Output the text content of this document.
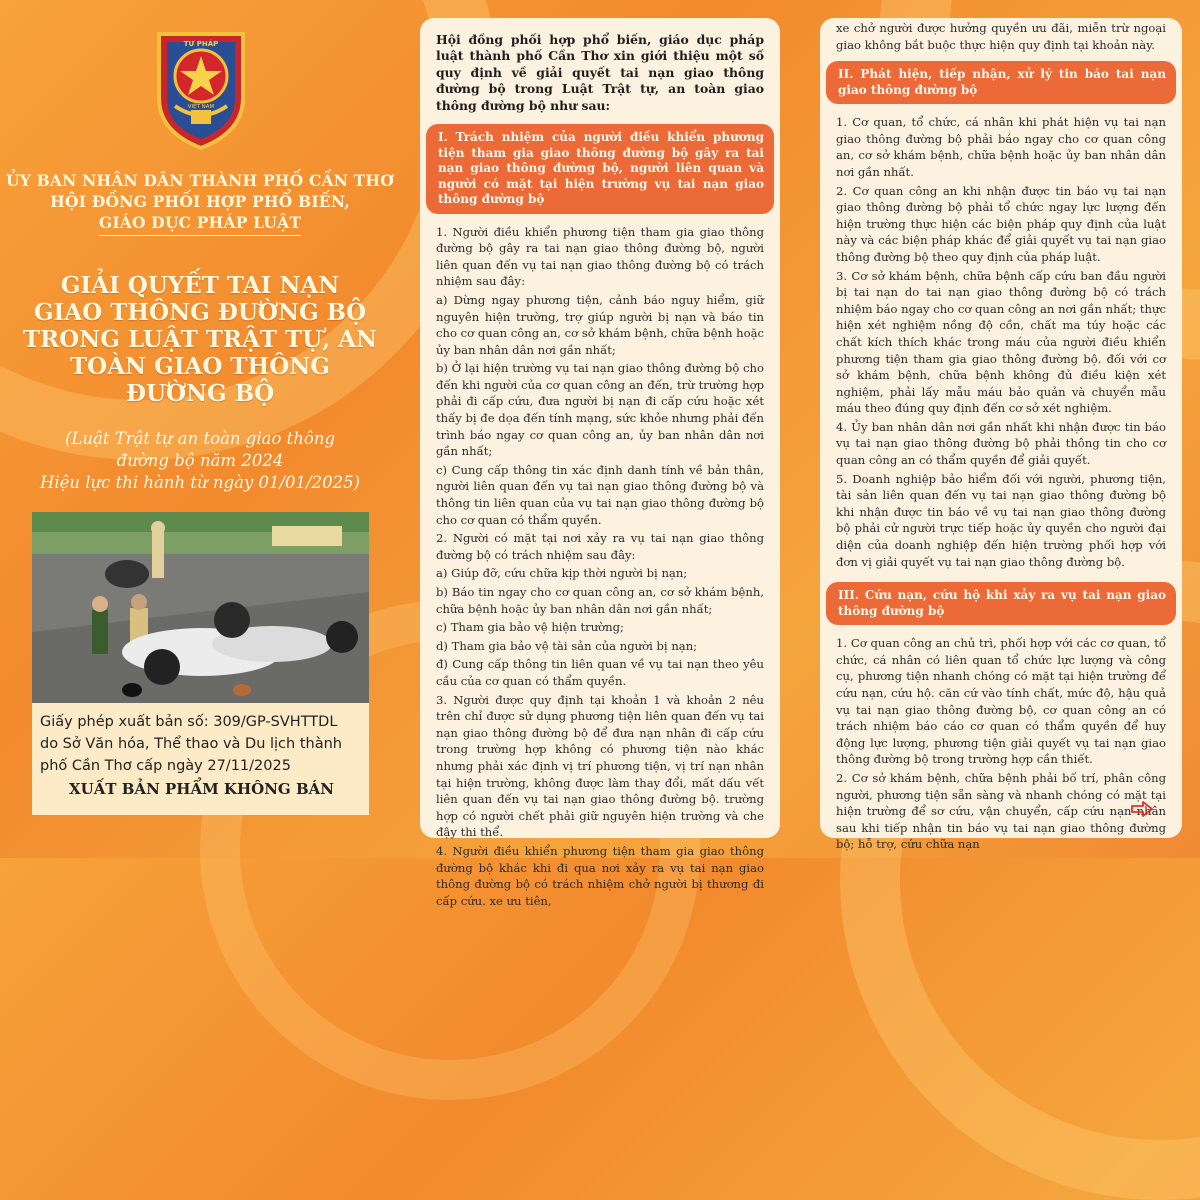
TƯ PHÁP
VIỆT NAM
ỦY BAN NHÂN DÂN THÀNH PHỐ CẦN THƠ
HỘI ĐỒNG PHỐI HỢP PHỔ BIẾN,
GIÁO DỤC PHÁP LUẬT
GIẢI QUYẾT TAI NẠN
GIAO THÔNG ĐƯỜNG BỘ
TRONG LUẬT TRẬT TỰ, AN
TOÀN GIAO THÔNG
ĐƯỜNG BỘ
(Luật Trật tự an toàn giao thông
đường bộ năm 2024
Hiệu lực thi hành từ ngày 01/01/2025)
Giấy phép xuất bản số: 309/GP-SVHTTDL
do Sở Văn hóa, Thể thao và Du lịch thành
phố Cần Thơ cấp ngày 27/11/2025
XUẤT BẢN PHẨM KHÔNG BÁN

Hội đồng phối hợp phổ biến, giáo dục pháp luật thành phố Cần Thơ xin giới thiệu một số quy định về giải quyết tai nạn giao thông đường bộ trong Luật Trật tự, an toàn giao thông đường bộ như sau:

I. Trách nhiệm của người điều khiển phương tiện tham gia giao thông đường bộ gây ra tai nạn giao thông đường bộ, người liên quan và người có mặt tại hiện trường vụ tai nạn giao thông đường bộ

1. Người điều khiển phương tiện tham gia giao thông đường bộ gây ra tai nạn giao thông đường bộ, người liên quan đến vụ tai nạn giao thông đường bộ có trách nhiệm sau đây:

a) Dừng ngay phương tiện, cảnh báo nguy hiểm, giữ nguyên hiện trường, trợ giúp người bị nạn và báo tin cho cơ quan công an, cơ sở khám bệnh, chữa bệnh hoặc ủy ban nhân dân nơi gần nhất;

b) Ở lại hiện trường vụ tai nạn giao thông đường bộ cho đến khi người của cơ quan công an đến, trừ trường hợp phải đi cấp cứu, đưa người bị nạn đi cấp cứu hoặc xét thấy bị đe dọa đến tính mạng, sức khỏe nhưng phải đến trình báo ngay cơ quan công an, ủy ban nhân dân nơi gần nhất;

c) Cung cấp thông tin xác định danh tính về bản thân, người liên quan đến vụ tai nạn giao thông đường bộ và thông tin liên quan của vụ tai nạn giao thông đường bộ cho cơ quan có thẩm quyền.

2. Người có mặt tại nơi xảy ra vụ tai nạn giao thông đường bộ có trách nhiệm sau đây:

a) Giúp đỡ, cứu chữa kịp thời người bị nạn;

b) Báo tin ngay cho cơ quan công an, cơ sở khám bệnh, chữa bệnh hoặc ủy ban nhân dân nơi gần nhất;

c) Tham gia bảo vệ hiện trường;

d) Tham gia bảo vệ tài sản của người bị nạn;

đ) Cung cấp thông tin liên quan về vụ tai nạn theo yêu cầu của cơ quan có thẩm quyền.

3. Người được quy định tại khoản 1 và khoản 2 nêu trên chỉ được sử dụng phương tiện liên quan đến vụ tai nạn giao thông đường bộ để đưa nạn nhân đi cấp cứu trong trường hợp không có phương tiện nào khác nhưng phải xác định vị trí phương tiện, vị trí nạn nhân tại hiện trường, không được làm thay đổi, mất dấu vết liên quan đến vụ tai nạn giao thông đường bộ. trường hợp có người chết phải giữ nguyên hiện trường và che đậy thi thể.

4. Người điều khiển phương tiện tham gia giao thông đường bộ khác khi đi qua nơi xảy ra vụ tai nạn giao thông đường bộ có trách nhiệm chở người bị thương đi cấp cứu. xe ưu tiên,

xe chở người được hưởng quyền ưu đãi, miễn trừ ngoại giao không bắt buộc thực hiện quy định tại khoản này.

II. Phát hiện, tiếp nhận, xử lý tin báo tai nạn giao thông đường bộ

1. Cơ quan, tổ chức, cá nhân khi phát hiện vụ tai nạn giao thông đường bộ phải báo ngay cho cơ quan công an, cơ sở khám bệnh, chữa bệnh hoặc ủy ban nhân dân nơi gần nhất.

2. Cơ quan công an khi nhận được tin báo vụ tai nạn giao thông đường bộ phải tổ chức ngay lực lượng đến hiện trường thực hiện các biện pháp quy định của luật này và các biện pháp khác để giải quyết vụ tai nạn giao thông đường bộ theo quy định của pháp luật.

3. Cơ sở khám bệnh, chữa bệnh cấp cứu ban đầu người bị tai nạn do tai nạn giao thông đường bộ có trách nhiệm báo ngay cho cơ quan công an nơi gần nhất; thực hiện xét nghiệm nồng độ cồn, chất ma túy hoặc các chất kích thích khác trong máu của người điều khiển phương tiện tham gia giao thông đường bộ. đối với cơ sở khám bệnh, chữa bệnh không đủ điều kiện xét nghiệm, phải lấy mẫu máu bảo quản và chuyển mẫu máu theo đúng quy định đến cơ sở xét nghiệm.

4. Ủy ban nhân dân nơi gần nhất khi nhận được tin báo vụ tai nạn giao thông đường bộ phải thông tin cho cơ quan công an có thẩm quyền để giải quyết.

5. Doanh nghiệp bảo hiểm đối với người, phương tiện, tài sản liên quan đến vụ tai nạn giao thông đường bộ khi nhận được tin báo về vụ tai nạn giao thông đường bộ phải cử người trực tiếp hoặc ủy quyền cho người đại diện của doanh nghiệp đến hiện trường phối hợp với đơn vị giải quyết vụ tai nạn giao thông đường bộ.

III. Cứu nạn, cứu hộ khi xảy ra vụ tai nạn giao thông đường bộ

1. Cơ quan công an chủ trì, phối hợp với các cơ quan, tổ chức, cá nhân có liên quan tổ chức lực lượng và công cụ, phương tiện nhanh chóng có mặt tại hiện trường để cứu nạn, cứu hộ. căn cứ vào tính chất, mức độ, hậu quả vụ tai nạn giao thông đường bộ, cơ quan công an có trách nhiệm báo cáo cơ quan có thẩm quyền để huy động lực lượng, phương tiện giải quyết vụ tai nạn giao thông đường bộ trong trường hợp cần thiết.

2. Cơ sở khám bệnh, chữa bệnh phải bố trí, phân công người, phương tiện sẵn sàng và nhanh chóng có mặt tại hiện trường để sơ cứu, vận chuyển, cấp cứu nạn nhân sau khi tiếp nhận tin báo vụ tai nạn giao thông đường bộ; hỗ trợ, cứu chữa nạn
